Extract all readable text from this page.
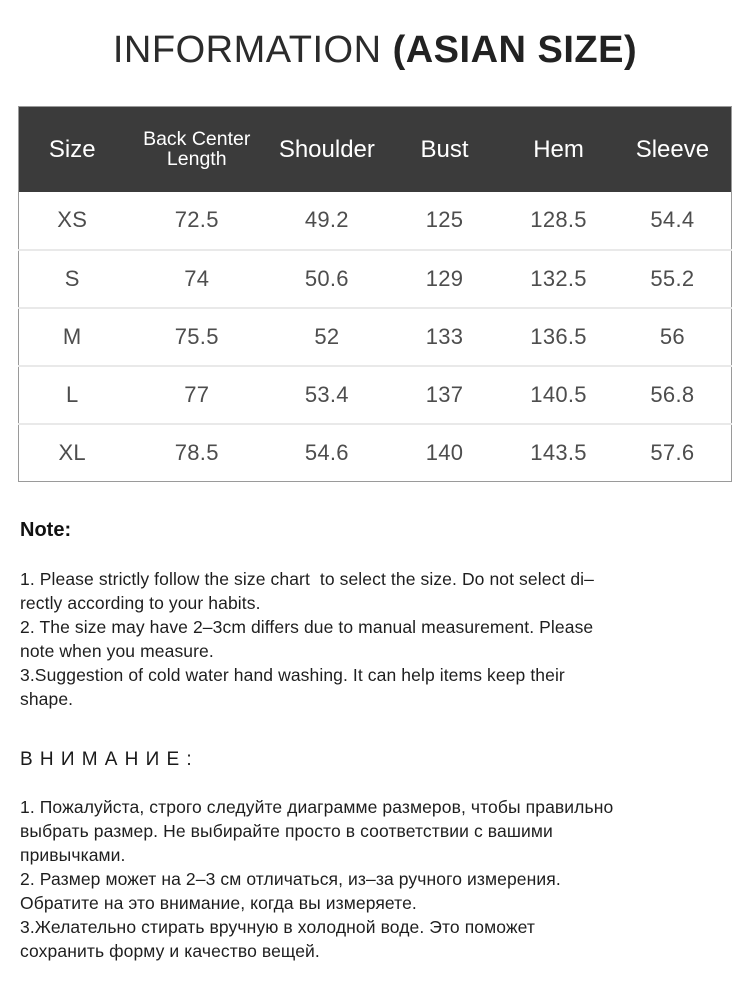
INFORMATION (ASIAN SIZE)
Size	Back Center Length	Shoulder	Bust	Hem	Sleeve
XS	72.5	49.2	125	128.5	54.4
S	74	50.6	129	132.5	55.2
M	75.5	52	133	136.5	56
L	77	53.4	137	140.5	56.8
XL	78.5	54.6	140	143.5	57.6
Note:
1. Please strictly follow the size chart  to select the size. Do not select di–
rectly according to your habits.
2. The size may have 2–3cm differs due to manual measurement. Please
note when you measure.
3.Suggestion of cold water hand washing. It can help items keep their
shape.
ВНИМАНИЕ:
1. Пожалуйста, строго следуйте диаграмме размеров, чтобы правильно
выбрать размер. Не выбирайте просто в соответствии с вашими
привычками.
2. Размер может на 2–3 см отличаться, из–за ручного измерения.
Обратите на это внимание, когда вы измеряете.
3.Желательно стирать вручную в холодной воде. Это поможет
сохранить форму и качество вещей.
